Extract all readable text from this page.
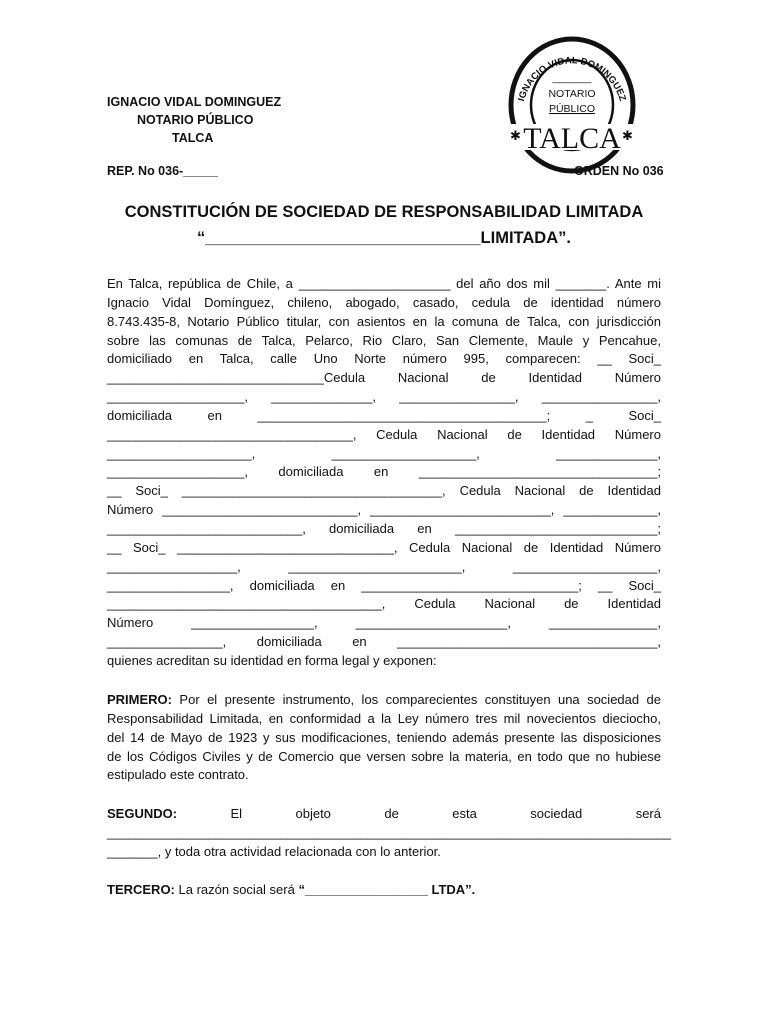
IGNACIO VIDAL DOMINGUEZ
NOTARIO PÚBLICO
TALCA
REP. No 036-_____	ORDEN No 036
IGNACIO VIDAL DOMINGUEZ
_______
NOTARIO
PÚBLICO
TALCA
✱	✱
CONSTITUCIÓN DE SOCIEDAD DE RESPONSABILIDAD LIMITADA
“______________________________LIMITADA”.
En Talca, república de Chile, a _____________________ del año dos mil _______. Ante mi
Ignacio Vidal Domínguez, chileno, abogado, casado, cedula de identidad número
8.743.435-8, Notario Público titular, con asientos en la comuna de Talca, con jurisdicción
sobre las comunas de Talca, Pelarco, Rio Claro, San Clemente, Maule y Pencahue,
domiciliado en Talca, calle Uno Norte número 995, comparecen: __ Soci_
______________________________Cedula Nacional de Identidad Número
___________________, ______________, ________________, ________________,
domiciliada en ________________________________________; _ Soci_
__________________________________, Cedula Nacional de Identidad Número
____________________, ____________________, ______________,
___________________, domiciliada en _________________________________;
__ Soci_ ____________________________________, Cedula Nacional de Identidad
Número ___________________________, _________________________, _____________,
___________________________, domiciliada en ____________________________;
__ Soci_ ______________________________, Cedula Nacional de Identidad Número
__________________, ________________________, ____________________,
_________________, domiciliada en ______________________________; __ Soci_
______________________________________, Cedula Nacional de Identidad
Número _________________, _____________________, _______________,
________________, domiciliada en ____________________________________,
quienes acreditan su identidad en forma legal y exponen:
PRIMERO: Por el presente instrumento, los comparecientes constituyen una sociedad de
Responsabilidad Limitada, en conformidad a la Ley número tres mil novecientos dieciocho,
del 14 de Mayo de 1923 y sus modificaciones, teniendo además presente las disposiciones
de los Códigos Civiles y de Comercio que versen sobre la materia, en todo que no hubiese
estipulado este contrato.
SEGUNDO: El objeto de esta sociedad será
______________________________________________________________________________
_______, y toda otra actividad relacionada con lo anterior.
TERCERO: La razón social será “_________________ LTDA”.
